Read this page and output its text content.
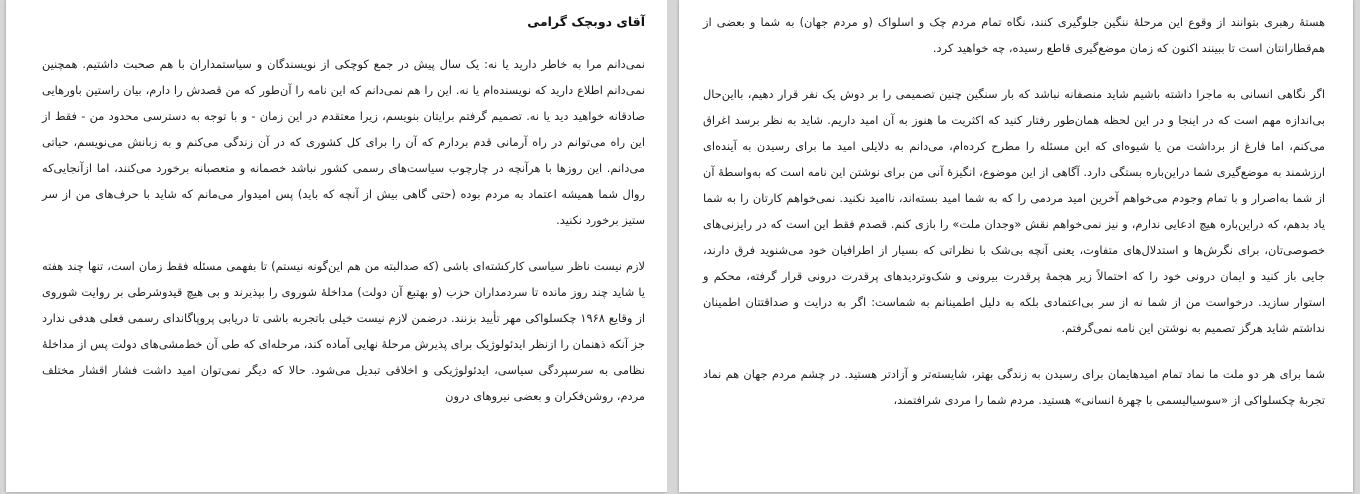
آقای دوبچک گرامی

نمی‌دانم مرا به خاطر دارید یا نه: یک سال پیش در جمع کوچکی از نویسندگان و سیاستمداران با هم صحبت داشتیم. همچنین نمی‌دانم اطلاع دارید که نویسنده‌ام یا نه. این را هم نمی‌دانم که این نامه را آن‌طور که من قصدش را دارم، بیان راستین باورهایی صادقانه خواهید دید یا نه. تصمیم گرفتم برایتان بنویسم، زیرا معتقدم در این زمان - و با توجه به دسترسی محدود من - فقط از این راه می‌توانم در راه آرمانی قدم بردارم که آن را برای کل کشوری که در آن زندگی می‌کنم و به زبانش می‌نویسم، حیاتی می‌دانم. این روزها با هرآنچه در چارچوب سیاست‌های رسمی کشور نباشد خصمانه و متعصبانه برخورد می‌کنند، اما ازآنجایی‌که روال شما همیشه اعتماد به مردم بوده (حتی گاهی بیش از آنچه که باید) پس امیدوار می‌مانم که شاید با حرف‌های من از سر ستیز برخورد نکنید.

لازم نیست ناظر سیاسی کارکشته‌ای باشی (که صدالبته من هم این‌گونه نیستم) تا بفهمی مسئله فقط زمان است، تنها چند هفته یا شاید چند روز مانده تا سردمداران حزب (و بهتبع آن دولت) مداخلهٔ شوروی را بپذیرند و بی هیچ قیدوشرطی بر روایت شوروی از وقایع ۱۹۶۸ چکسلواکی مهر تأیید بزنند. درضمن لازم نیست خیلی باتجربه باشی تا دریابی پروپاگاندای رسمی فعلی هدفی ندارد جز آنکه ذهنمان را ازنظر ایدئولوژیک برای پذیرش مرحلهٔ نهایی آماده کند، مرحله‌ای که طی آن خط‌مشی‌های دولت پس از مداخلهٔ نظامی به سرسپردگی سیاسی، ایدئولوژیکی و اخلاقی تبدیل می‌شود. حالا که دیگر نمی‌توان امید داشت فشار اقشار مختلف مردم، روشن‌فکران و بعضی نیروهای درون

هستهٔ رهبری بتوانند از وقوع این مرحلهٔ ننگین جلوگیری کنند، نگاه تمام مردم چک و اسلواک (و مردم جهان) به شما و بعضی از هم‌قطارانتان است تا ببینند اکنون که زمان موضع‌گیری قاطع رسیده، چه خواهید کرد.

اگر نگاهی انسانی به ماجرا داشته باشیم شاید منصفانه نباشد که بار سنگین چنین تصمیمی را بر دوش یک نفر قرار دهیم، بااین‌حال بی‌اندازه مهم است که در اینجا و در این لحظه همان‌طور رفتار کنید که اکثریت ما هنوز به آن امید داریم. شاید به نظر برسد اغراق می‌کنم، اما فارغ از برداشت من یا شیوه‌ای که این مسئله را مطرح کرده‌ام، می‌دانم به دلایلی امید ما برای رسیدن به آینده‌ای ارزشمند به موضع‌گیری شما دراین‌باره بستگی دارد. آگاهی از این موضوع، انگیزهٔ آنی من برای نوشتن این نامه است که به‌واسطهٔ آن از شما به‌اصرار و با تمام وجودم می‌خواهم آخرین امید مردمی را که به شما امید بسته‌اند، ناامید نکنید. نمی‌خواهم کارتان را به شما یاد بدهم، که دراین‌باره هیچ ادعایی ندارم، و نیز نمی‌خواهم نقش «وجدان ملت» را بازی کنم. قصدم فقط این است که در رایزنی‌های خصوصی‌تان، برای نگرش‌ها و استدلال‌های متفاوت، یعنی آنچه بی‌شک با نظراتی که بسیار از اطرافیان خود می‌شنوید فرق دارند، جایی باز کنید و ایمان درونی خود را که احتمالاً زیر هجمهٔ پرقدرت بیرونی و شک‌وتردیدهای پرقدرت درونی قرار گرفته، محکم و استوار سازید. درخواست من از شما نه از سر بی‌اعتمادی بلکه به دلیل اطمینانم به شماست: اگر به درایت و صداقتتان اطمینان نداشتم شاید هرگز تصمیم به نوشتن این نامه نمی‌گرفتم.

شما برای هر دو ملت ما نماد تمام امیدهایمان برای رسیدن به زندگی بهتر، شایسته‌تر و آزادتر هستید. در چشم مردم جهان هم نماد تجربهٔ چکسلواکی از «سوسیالیسمی با چهرهٔ انسانی» هستید. مردم شما را مردی شرافتمند،
